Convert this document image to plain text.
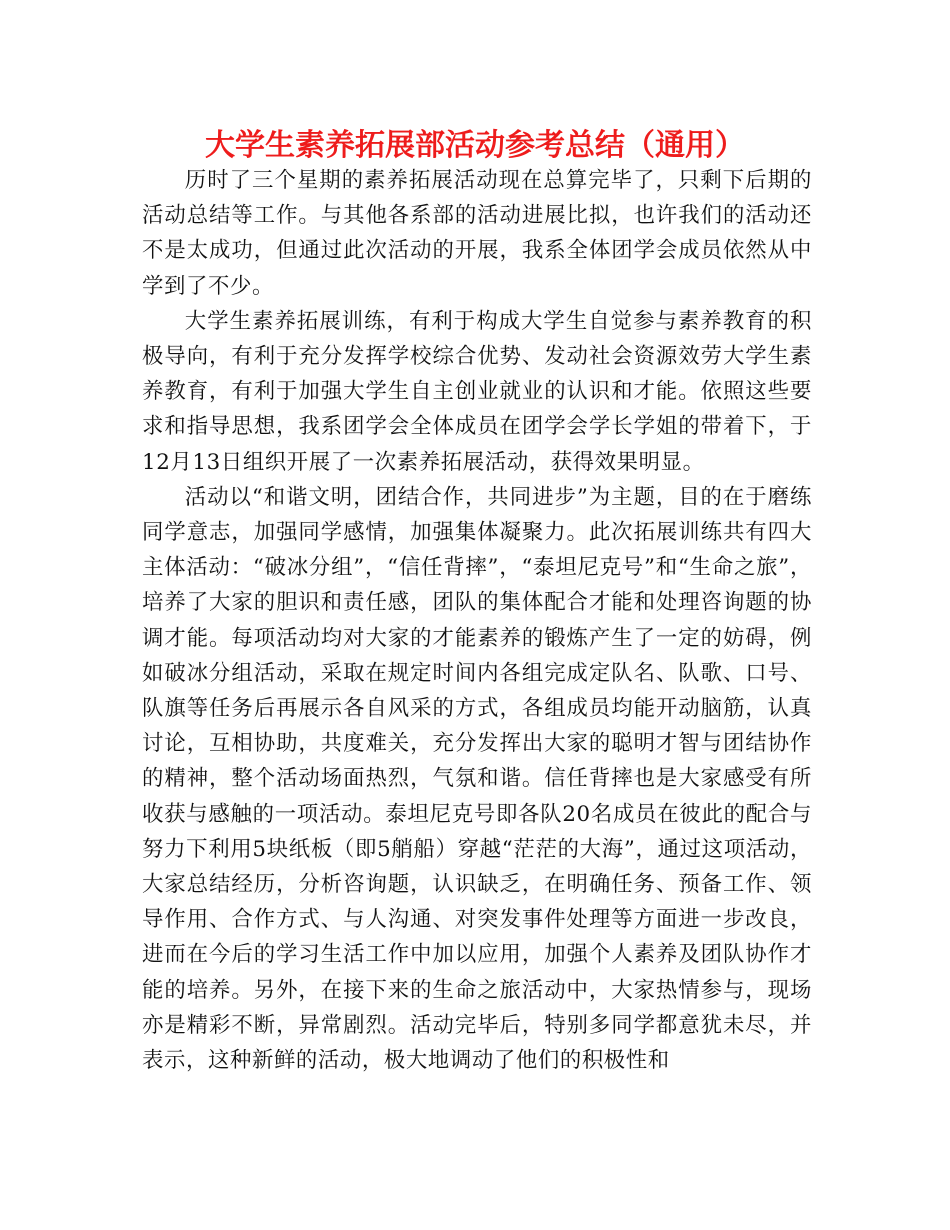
大学生素养拓展部活动参考总结（通用）

历时了三个星期的素养拓展活动现在总算完毕了，只剩下后期的活动总结等工作。与其他各系部的活动进展比拟，也许我们的活动还不是太成功，但通过此次活动的开展，我系全体团学会成员依然从中学到了不少。

大学生素养拓展训练，有利于构成大学生自觉参与素养教育的积极导向，有利于充分发挥学校综合优势、发动社会资源效劳大学生素养教育，有利于加强大学生自主创业就业的认识和才能。依照这些要求和指导思想，我系团学会全体成员在团学会学长学姐的带着下，于12月13日组织开展了一次素养拓展活动，获得效果明显。

活动以“和谐文明，团结合作，共同进步”为主题，目的在于磨练同学意志，加强同学感情，加强集体凝聚力。此次拓展训练共有四大主体活动：“破冰分组”，“信任背摔”，“泰坦尼克号”和“生命之旅”，培养了大家的胆识和责任感，团队的集体配合才能和处理咨询题的协调才能。每项活动均对大家的才能素养的锻炼产生了一定的妨碍，例如破冰分组活动，采取在规定时间内各组完成定队名、队歌、口号、队旗等任务后再展示各自风采的方式，各组成员均能开动脑筋，认真讨论，互相协助，共度难关，充分发挥出大家的聪明才智与团结协作的精神，整个活动场面热烈，气氛和谐。信任背摔也是大家感受有所收获与感触的一项活动。泰坦尼克号即各队20名成员在彼此的配合与努力下利用5块纸板（即5艄船）穿越“茫茫的大海”，通过这项活动，大家总结经历，分析咨询题，认识缺乏，在明确任务、预备工作、领导作用、合作方式、与人沟通、对突发事件处理等方面进一步改良，进而在今后的学习生活工作中加以应用，加强个人素养及团队协作才能的培养。另外，在接下来的生命之旅活动中，大家热情参与，现场亦是精彩不断，异常剧烈。活动完毕后，特别多同学都意犹未尽，并表示，这种新鲜的活动，极大地调动了他们的积极性和
